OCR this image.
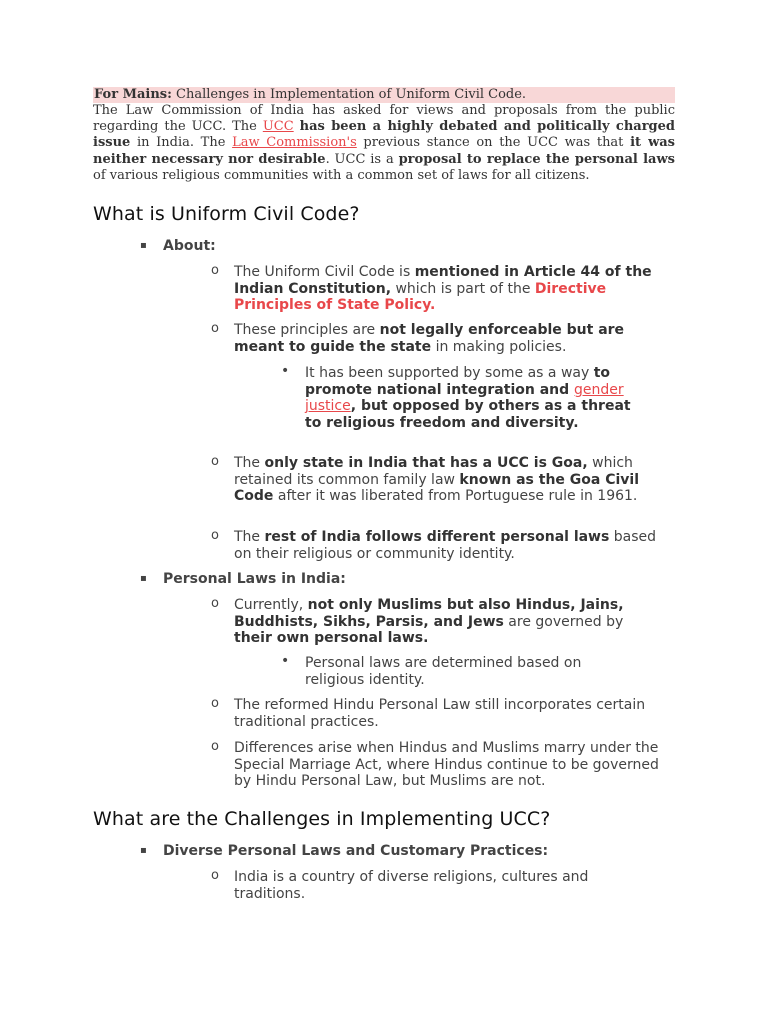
For Mains: Challenges in Implementation of Uniform Civil Code.
The Law Commission of India has asked for views and proposals from the public regarding the UCC. The UCC has been a highly debated and politically charged issue in India. The Law Commission's previous stance on the UCC was that it was neither necessary nor desirable. UCC is a proposal to replace the personal laws of various religious communities with a common set of laws for all citizens.
What is Uniform Civil Code?
▪ About:
o The Uniform Civil Code is mentioned in Article 44 of the Indian Constitution, which is part of the Directive Principles of State Policy.
o These principles are not legally enforceable but are meant to guide the state in making policies.
• It has been supported by some as a way to promote national integration and gender justice, but opposed by others as a threat to religious freedom and diversity.
o The only state in India that has a UCC is Goa, which retained its common family law known as the Goa Civil Code after it was liberated from Portuguese rule in 1961.
o The rest of India follows different personal laws based on their religious or community identity.
▪ Personal Laws in India:
o Currently, not only Muslims but also Hindus, Jains, Buddhists, Sikhs, Parsis, and Jews are governed by their own personal laws.
• Personal laws are determined based on religious identity.
o The reformed Hindu Personal Law still incorporates certain traditional practices.
o Differences arise when Hindus and Muslims marry under the Special Marriage Act, where Hindus continue to be governed by Hindu Personal Law, but Muslims are not.
What are the Challenges in Implementing UCC?
▪ Diverse Personal Laws and Customary Practices:
o India is a country of diverse religions, cultures and traditions.
